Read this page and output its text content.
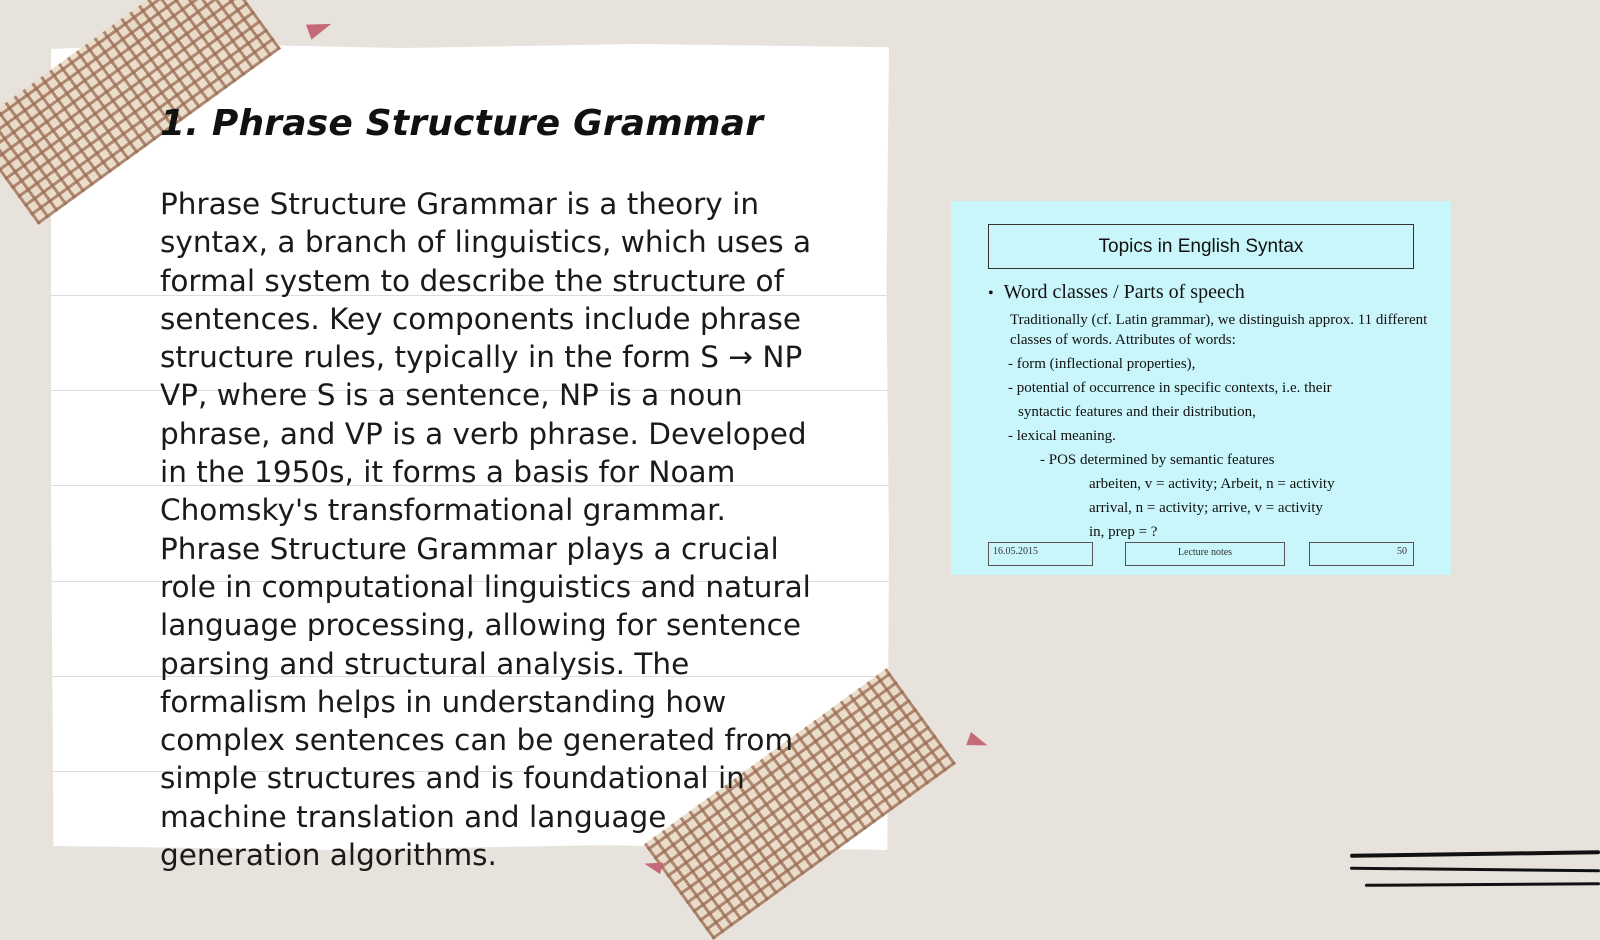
1. Phrase Structure Grammar

Phrase Structure Grammar is a theory in syntax, a branch of linguistics, which uses a formal system to describe the structure of sentences. Key components include phrase structure rules, typically in the form S → NP VP, where S is a sentence, NP is a noun phrase, and VP is a verb phrase. Developed in the 1950s, it forms a basis for Noam Chomsky's transformational grammar. Phrase Structure Grammar plays a crucial role in computational linguistics and natural language processing, allowing for sentence parsing and structural analysis. The formalism helps in understanding how complex sentences can be generated from simple structures and is foundational in machine translation and language generation algorithms.

Topics in English Syntax
• Word classes / Parts of speech
Traditionally (cf. Latin grammar), we distinguish approx. 11 different classes of words. Attributes of words:
- form (inflectional properties),
- potential of occurrence in specific contexts, i.e. their
syntactic features and their distribution,
- lexical meaning.
- POS determined by semantic features
arbeiten, v = activity; Arbeit, n = activity
arrival, n = activity; arrive, v = activity
in, prep = ?
16.05.2015	Lecture notes	50
